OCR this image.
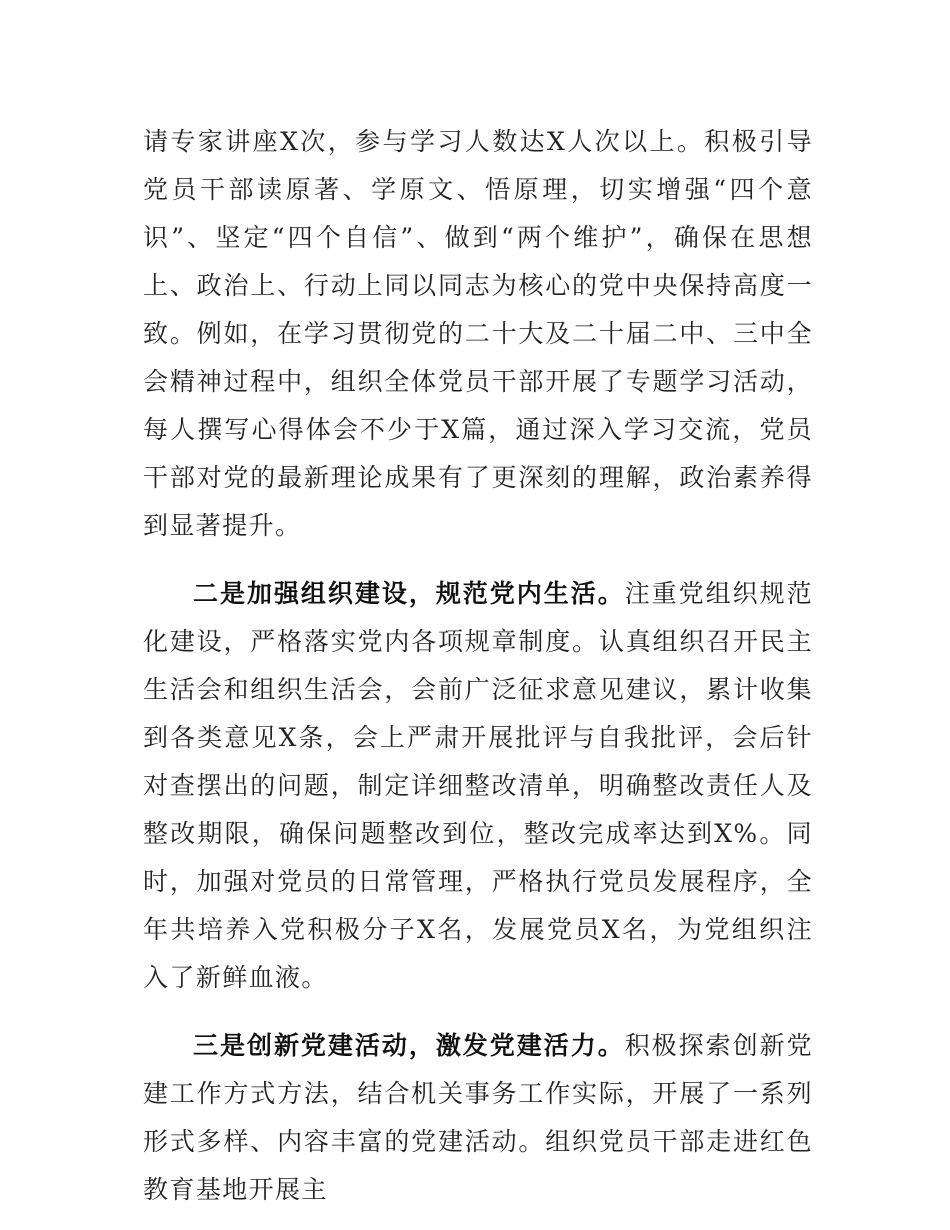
请专家讲座X次，参与学习人数达X人次以上。积极引导党员干部读原著、学原文、悟原理，切实增强“四个意识”、坚定“四个自信”、做到“两个维护”，确保在思想上、政治上、行动上同以同志为核心的党中央保持高度一致。例如，在学习贯彻党的二十大及二十届二中、三中全会精神过程中，组织全体党员干部开展了专题学习活动，每人撰写心得体会不少于X篇，通过深入学习交流，党员干部对党的最新理论成果有了更深刻的理解，政治素养得到显著提升。

二是加强组织建设，规范党内生活。注重党组织规范化建设，严格落实党内各项规章制度。认真组织召开民主生活会和组织生活会，会前广泛征求意见建议，累计收集到各类意见X条，会上严肃开展批评与自我批评，会后针对查摆出的问题，制定详细整改清单，明确整改责任人及整改期限，确保问题整改到位，整改完成率达到X%。同时，加强对党员的日常管理，严格执行党员发展程序，全年共培养入党积极分子X名，发展党员X名，为党组织注入了新鲜血液。

三是创新党建活动，激发党建活力。积极探索创新党建工作方式方法，结合机关事务工作实际，开展了一系列形式多样、内容丰富的党建活动。组织党员干部走进红色教育基地开展主
